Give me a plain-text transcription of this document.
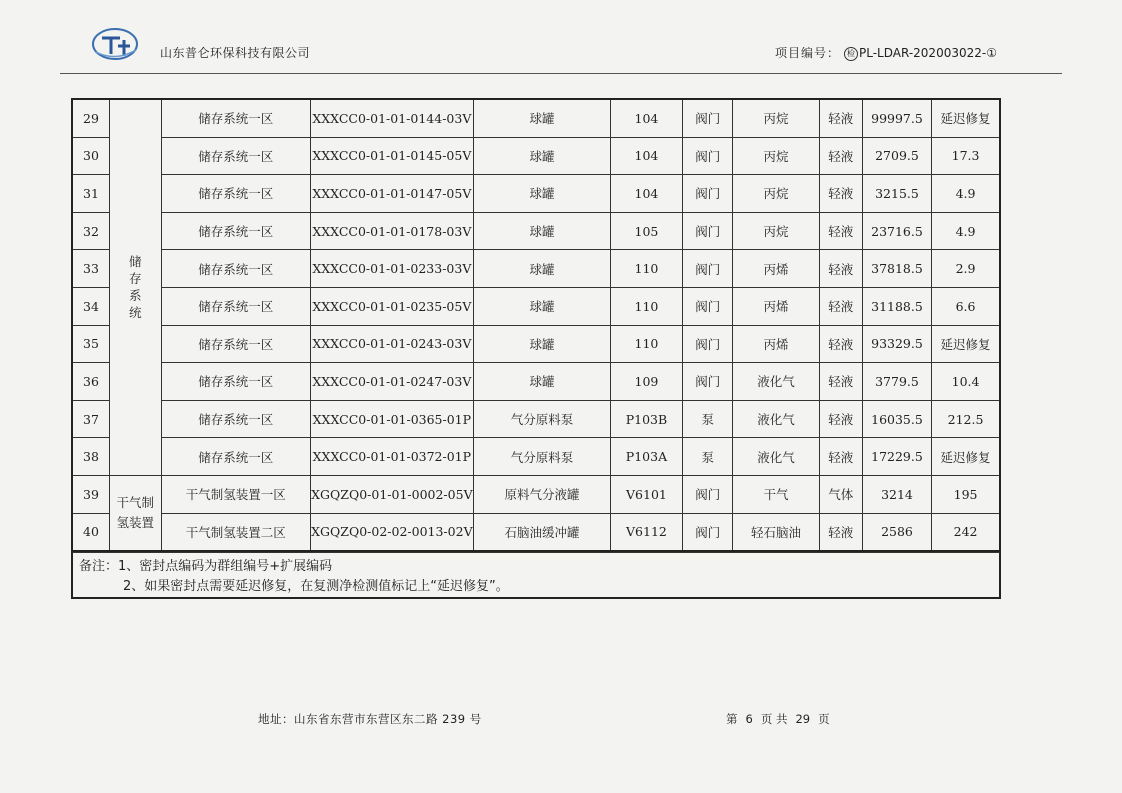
山东普仑环保科技有限公司	项目编号： 检 PL-LDAR-202003022-①
29	储存系统	储存系统一区	XXXCC0-01-01-0144-03V	球罐	104	阀门	丙烷	轻液	99997.5	延迟修复
30		储存系统一区	XXXCC0-01-01-0145-05V	球罐	104	阀门	丙烷	轻液	2709.5	17.3
31		储存系统一区	XXXCC0-01-01-0147-05V	球罐	104	阀门	丙烷	轻液	3215.5	4.9
32		储存系统一区	XXXCC0-01-01-0178-03V	球罐	105	阀门	丙烷	轻液	23716.5	4.9
33		储存系统一区	XXXCC0-01-01-0233-03V	球罐	110	阀门	丙烯	轻液	37818.5	2.9
34		储存系统一区	XXXCC0-01-01-0235-05V	球罐	110	阀门	丙烯	轻液	31188.5	6.6
35		储存系统一区	XXXCC0-01-01-0243-03V	球罐	110	阀门	丙烯	轻液	93329.5	延迟修复
36		储存系统一区	XXXCC0-01-01-0247-03V	球罐	109	阀门	液化气	轻液	3779.5	10.4
37		储存系统一区	XXXCC0-01-01-0365-01P	气分原料泵	P103B	泵	液化气	轻液	16035.5	212.5
38		储存系统一区	XXXCC0-01-01-0372-01P	气分原料泵	P103A	泵	液化气	轻液	17229.5	延迟修复
39	干气制氢装置	干气制氢装置一区	XGQZQ0-01-01-0002-05V	原料气分液罐	V6101	阀门	干气	气体	3214	195
40		干气制氢装置二区	XGQZQ0-02-02-0013-02V	石脑油缓冲罐	V6112	阀门	轻石脑油	轻液	2586	242
备注：1、密封点编码为群组编号+扩展编码
2、如果密封点需要延迟修复，在复测净检测值标记上“延迟修复”。
地址：山东省东营市东营区东二路 239 号	第 6 页 共 29 页
